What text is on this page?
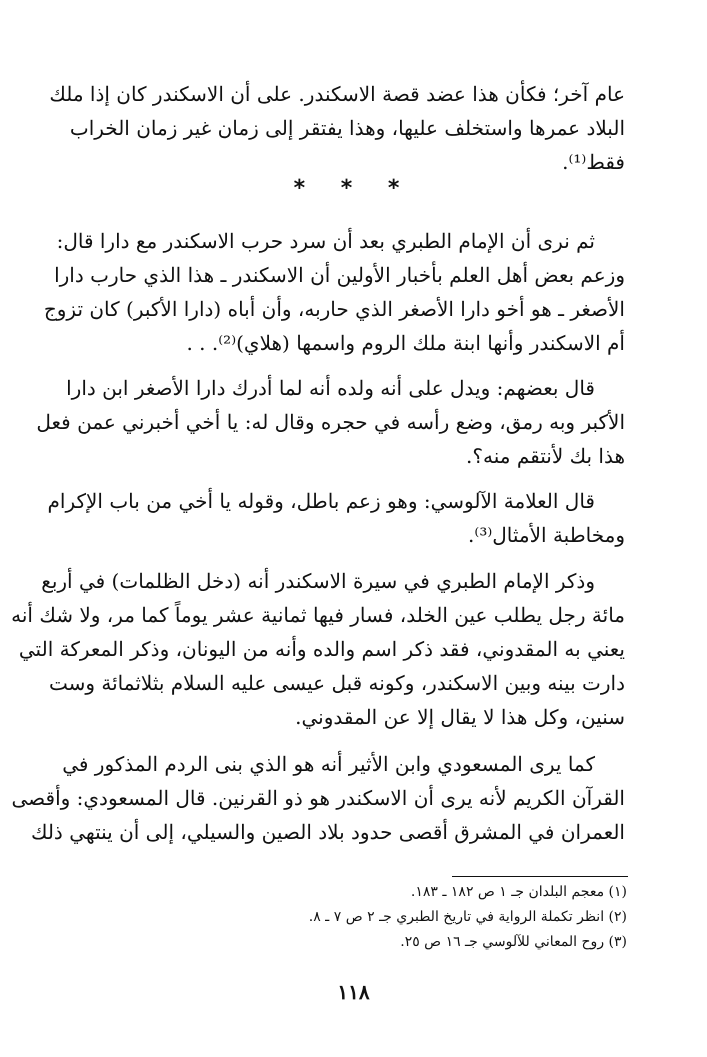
عام آخر؛ فكأن هذا عضد قصة الاسكندر. على أن الاسكندر كان إذا ملك
البلاد عمرها واستخلف عليها، وهذا يفتقر إلى زمان غير زمان الخراب
فقط⁽¹⁾.
* * *
ثم نرى أن الإمام الطبري بعد أن سرد حرب الاسكندر مع دارا قال:
وزعم بعض أهل العلم بأخبار الأولين أن الاسكندر ـ هذا الذي حارب دارا
الأصغر ـ هو أخو دارا الأصغر الذي حاربه، وأن أباه (دارا الأكبر) كان تزوج
أم الاسكندر وأنها ابنة ملك الروم واسمها (هلاي)⁽²⁾. . .
قال بعضهم: ويدل على أنه ولده أنه لما أدرك دارا الأصغر ابن دارا
الأكبر وبه رمق، وضع رأسه في حجره وقال له: يا أخي أخبرني عمن فعل
هذا بك لأنتقم منه؟.
قال العلامة الآلوسي: وهو زعم باطل، وقوله يا أخي من باب الإكرام
ومخاطبة الأمثال⁽³⁾.
وذكر الإمام الطبري في سيرة الاسكندر أنه (دخل الظلمات) في أربع
مائة رجل يطلب عين الخلد، فسار فيها ثمانية عشر يوماً كما مر، ولا شك أنه
يعني به المقدوني، فقد ذكر اسم والده وأنه من اليونان، وذكر المعركة التي
دارت بينه وبين الاسكندر، وكونه قبل عيسى عليه السلام بثلاثمائة وست
سنين، وكل هذا لا يقال إلا عن المقدوني.
كما يرى المسعودي وابن الأثير أنه هو الذي بنى الردم المذكور في
القرآن الكريم لأنه يرى أن الاسكندر هو ذو القرنين. قال المسعودي: وأقصى
العمران في المشرق أقصى حدود بلاد الصين والسيلي، إلى أن ينتهي ذلك
(١) معجم البلدان جـ ١ ص ١٨٢ ـ ١٨٣.
(٢) انظر تكملة الرواية في تاريخ الطبري جـ ٢ ص ٧ ـ ٨.
(٣) روح المعاني للآلوسي جـ ١٦ ص ٢٥.
١١٨
